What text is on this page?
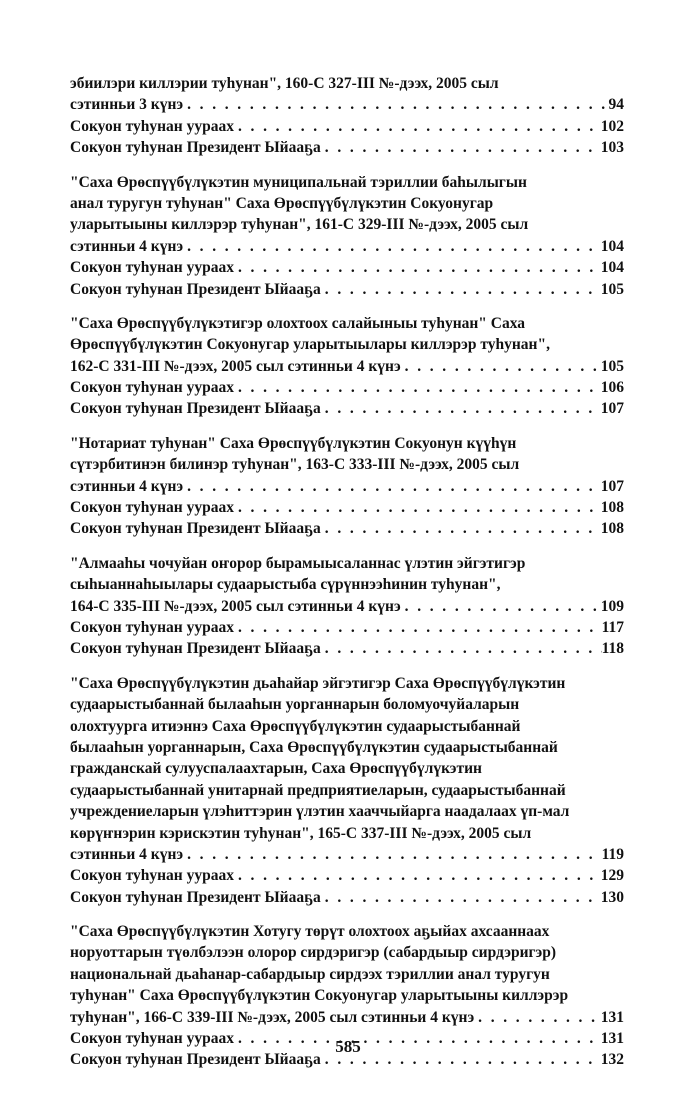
эбиилэри киллэрии туһунан", 160-С 327-III №-дээх, 2005 сыл
сэтинньи 3 күнэ . . .	94
Сокуон туһунан уураах . . .	102
Сокуон туһунан Президент Ыйааҕа . . .	103
"Саха Өрөспүүбүлүкэтин муниципальнай тэриллии баһылыгын
анал туругун туһунан" Саха Өрөспүүбүлүкэтин Сокуонугар
уларытыыны киллэрэр туһунан", 161-С 329-III №-дээх, 2005 сыл
сэтинньи 4 күнэ . . .	104
Сокуон туһунан уураах . . .	104
Сокуон туһунан Президент Ыйааҕа . . .	105
"Саха Өрөспүүбүлүкэтигэр олохтоох салайыныы туһунан" Саха
Өрөспүүбүлүкэтин Сокуонугар уларытыылары киллэрэр туһунан",
162-С 331-III №-дээх, 2005 сыл сэтинньи 4 күнэ . . .	105
Сокуон туһунан уураах . . .	106
Сокуон туһунан Президент Ыйааҕа . . .	107
"Нотариат туһунан" Саха Өрөспүүбүлүкэтин Сокуонун күүһүн
сүтэрбитинэн билинэр туһунан", 163-С 333-III №-дээх, 2005 сыл
сэтинньи 4 күнэ . . .	107
Сокуон туһунан уураах . . .	108
Сокуон туһунан Президент Ыйааҕа . . .	108
"Алмааһы чочуйан оҥорор бырамыысаланнас үлэтин эйгэтигэр
сыһыаннаһыылары судаарыстыба сүрүннээһинин туһунан",
164-С 335-III №-дээх, 2005 сыл сэтинньи 4 күнэ . . .	109
Сокуон туһунан уураах . . .	117
Сокуон туһунан Президент Ыйааҕа . . .	118
"Саха Өрөспүүбүлүкэтин дьаһайар эйгэтигэр Саха Өрөспүүбүлүкэтин
судаарыстыбаннай былааһын уорганнарын боломуочуйаларын
олохтуурга итиэннэ Саха Өрөспүүбүлүкэтин судаарыстыбаннай
былааһын уорганнарын, Саха Өрөспүүбүлүкэтин судаарыстыбаннай
гражданскай сулууспалаахтарын, Саха Өрөспүүбүлүкэтин
судаарыстыбаннай унитарнай предприятиеларын, судаарыстыбаннай
учреждениеларын үлэһиттэрин үлэтин хааччыйарга наадалаах үп-мал
көрүҥнэрин кэрискэтин туһунан", 165-С 337-III №-дээх, 2005 сыл
сэтинньи 4 күнэ . . .	119
Сокуон туһунан уураах . . .	129
Сокуон туһунан Президент Ыйааҕа . . .	130
"Саха Өрөспүүбүлүкэтин Хотугу төрүт олохтоох аҕыйах ахсааннаах
норуоттарын түөлбэлээн олорор сирдэригэр (сабардыыр сирдэригэр)
национальнай дьаһанар-сабардыыр сирдээх тэриллии анал туругун
туһунан" Саха Өрөспүүбүлүкэтин Сокуонугар уларытыыны киллэрэр
туһунан", 166-С 339-III №-дээх, 2005 сыл сэтинньи 4 күнэ . . .	131
Сокуон туһунан уураах . . .	131
Сокуон туһунан Президент Ыйааҕа . . .	132
585
